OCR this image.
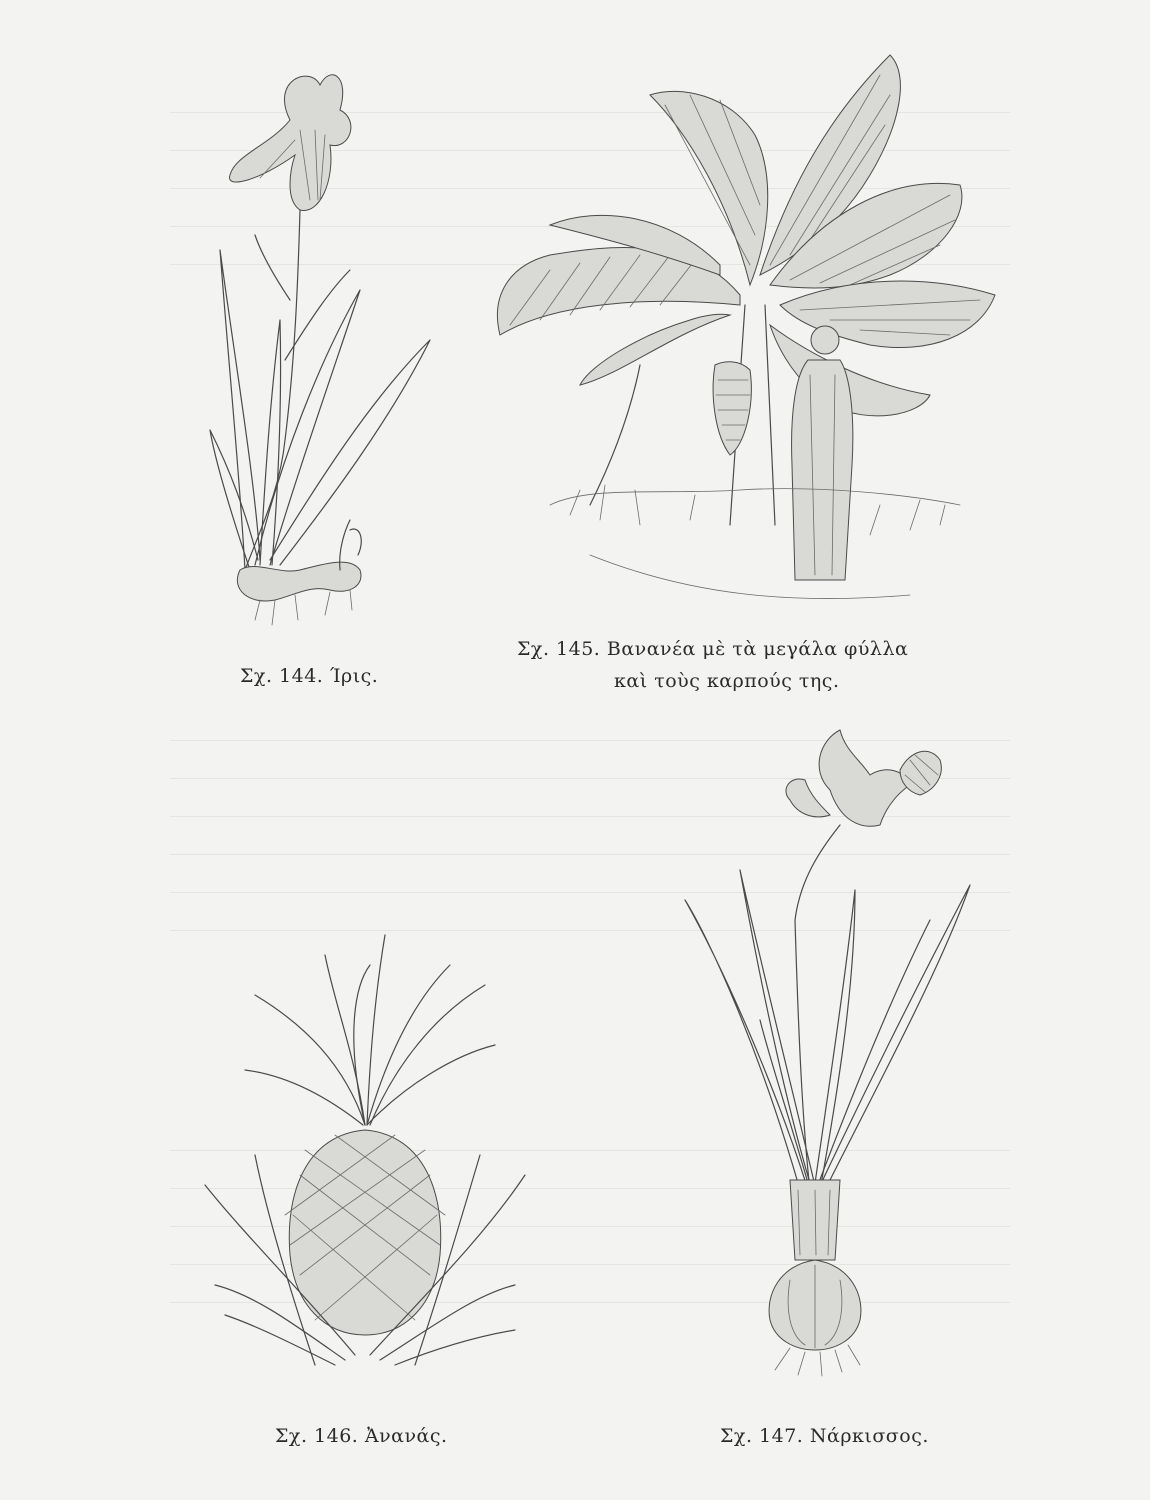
Σχ. 144. Ίρις.
Σχ. 145. Βανανέα μὲ τὰ μεγάλα φύλλα
καὶ τοὺς καρπούς της.
Σχ. 146. Ἀνανάς.	Σχ. 147. Νάρκισσος.
